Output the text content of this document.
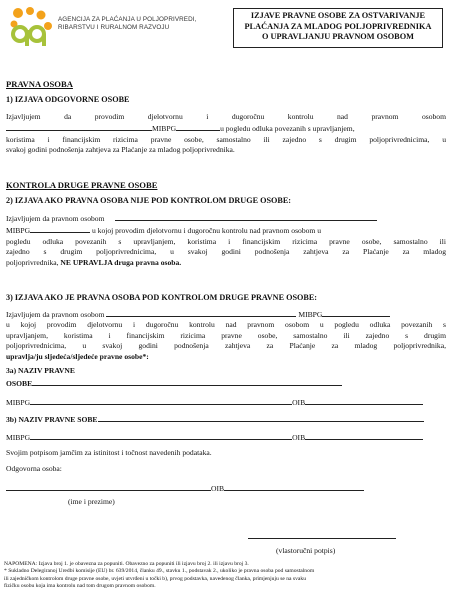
AGENCIJA ZA PLAĆANJA U POLJOPRIVREDI,
RIBARSTVU I RURALNOM RAZVOJU
IZJAVE PRAVNE OSOBE ZA OSTVARIVANJE
PLAĆANJA ZA MLADOG POLJOPRIVREDNIKA
O UPRAVLJANJU PRAVNOM OSOBOM
PRAVNA OSOBA
1) IZJAVA ODGOVORNE OSOBE
Izjavljujem da provodim djelotvornu i dugoročnu kontrolu nad pravnom osobom
MIBPG	u pogledu odluka povezanih s upravljanjem,
koristima i financijskim rizicima pravne osobe, samostalno ili zajedno s drugim poljoprivrednicima, u
svakoj godini podnošenja zahtjeva za Plaćanje za mladog poljoprivrednika.
KONTROLA DRUGE PRAVNE OSOBE
2) IZJAVA AKO PRAVNA OSOBA NIJE POD KONTROLOM DRUGE OSOBE:
Izjavljujem da pravnom osobom
MIBPG	u kojoj provodim djelotvornu i dugoročnu kontrolu nad pravnom osobom u
pogledu odluka povezanih s upravljanjem, koristima i financijskim rizicima pravne osobe, samostalno ili
zajedno s drugim poljoprivrednicima, u svakoj godini podnošenja zahtjeva za Plaćanje za mladog
poljoprivrednika, NE UPRAVLJA druga pravna osoba.
3) IZJAVA AKO JE PRAVNA OSOBA POD KONTROLOM DRUGE PRAVNE OSOBE:
Izjavljujem da pravnom osobom	MIBPG
u kojoj provodim djelotvornu i dugoročnu kontrolu nad pravnom osobom u pogledu odluka povezanih s
upravljanjem, koristima i financijskim rizicima pravne osobe, samostalno ili zajedno s drugim
poljoprivrednicima, u svakoj godini podnošenja zahtjeva za Plaćanje za mladog poljoprivrednika,
upravlja/ju sljedeća/sljedeće pravne osobe*:
3a) NAZIV PRAVNE
OSOBE
MIBPG	OIB
3b) NAZIV PRAVNE SOBE
MIBPG	OIB
Svojim potpisom jamčim za istinitost i točnost navedenih podataka.
Odgovorna osoba:
OIB
(ime i prezime)
(vlastoručni potpis)
NAPOMENA: Izjava broj 1. je obavezna za popuniti. Obavezno za popuniti ili izjavu broj 2. ili izjavu broj 3.
* Sukladno Delegiranoj Uredbi komisije (EU) br. 639/2014, članku 49., stavku 1., podstavak 2., ukoliko je pravna osoba pod samostalnom
ili zajedničkom kontrolom druge pravne osobe, uvjeti utvrđeni u točki b), prvog podstavka, navedenog članka, primjenjuju se na svaku
fizičku osobu koja ima kontrolu nad tom drugom pravnom osobom.
